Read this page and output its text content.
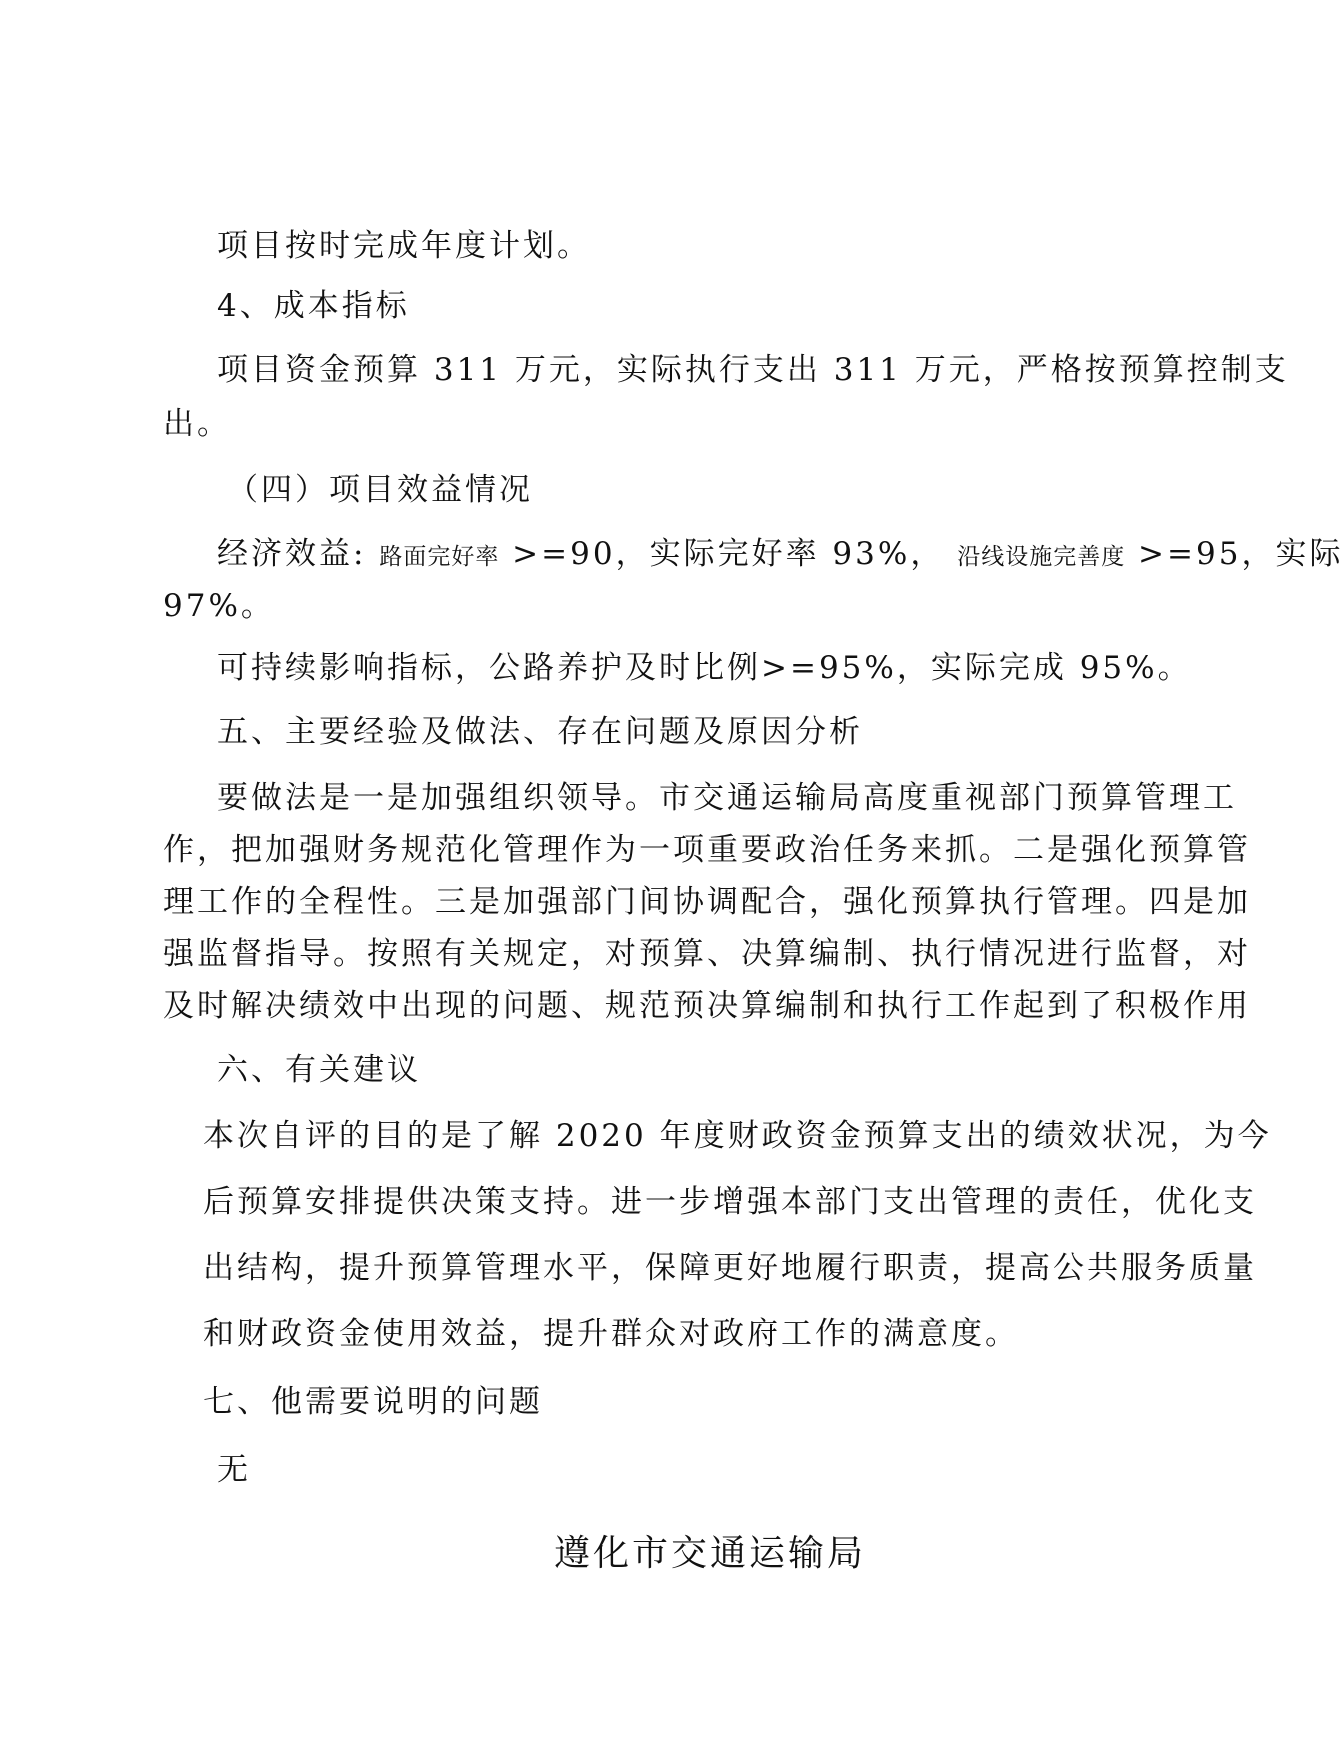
项目按时完成年度计划。
4、成本指标
项目资金预算 311 万元，实际执行支出 311 万元，严格按预算控制支
出。
（四）项目效益情况
经济效益: 路面完好率 >=90，实际完好率 93%， 沿线设施完善度 >=95，实际
97%。
可持续影响指标，公路养护及时比例>=95%，实际完成 95%。
五、主要经验及做法、存在问题及原因分析
要做法是一是加强组织领导。市交通运输局高度重视部门预算管理工
作，把加强财务规范化管理作为一项重要政治任务来抓。二是强化预算管
理工作的全程性。三是加强部门间协调配合，强化预算执行管理。四是加
强监督指导。按照有关规定，对预算、决算编制、执行情况进行监督，对
及时解决绩效中出现的问题、规范预决算编制和执行工作起到了积极作用
六、有关建议
本次自评的目的是了解 2020 年度财政资金预算支出的绩效状况，为今
后预算安排提供决策支持。进一步增强本部门支出管理的责任，优化支
出结构，提升预算管理水平，保障更好地履行职责，提高公共服务质量
和财政资金使用效益，提升群众对政府工作的满意度。
七、他需要说明的问题
无
遵化市交通运输局
